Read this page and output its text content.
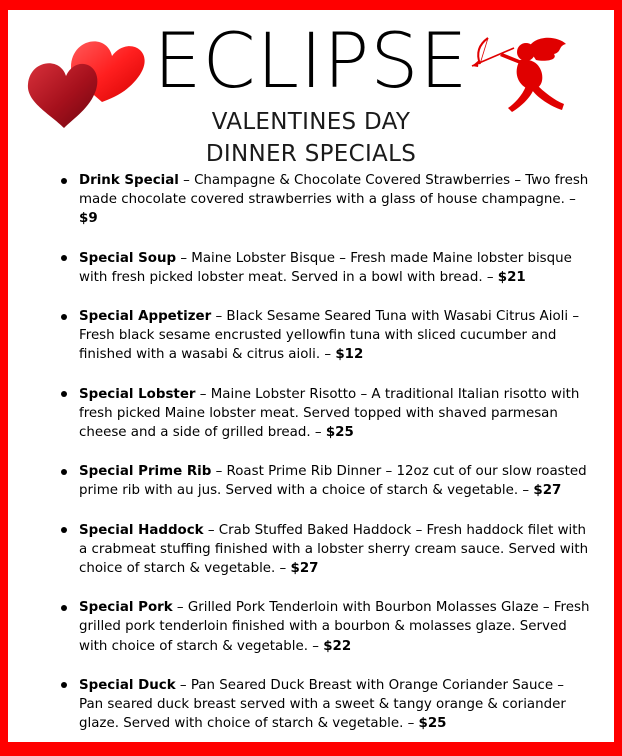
ECLIPSE
VALENTINES DAY
DINNER SPECIALS
Drink Special – Champagne & Chocolate Covered Strawberries – Two fresh made chocolate covered strawberries with a glass of house champagne. –$9
Special Soup – Maine Lobster Bisque – Fresh made Maine lobster bisque with fresh picked lobster meat. Served in a bowl with bread. – $21
Special Appetizer – Black Sesame Seared Tuna with Wasabi Citrus Aioli – Fresh black sesame encrusted yellowfin tuna with sliced cucumber and finished with a wasabi & citrus aioli. – $12
Special Lobster – Maine Lobster Risotto – A traditional Italian risotto with fresh picked Maine lobster meat. Served topped with shaved parmesan cheese and a side of grilled bread. – $25
Special Prime Rib – Roast Prime Rib Dinner – 12oz cut of our slow roasted prime rib with au jus. Served with a choice of starch & vegetable. – $27
Special Haddock – Crab Stuffed Baked Haddock – Fresh haddock filet with a crabmeat stuffing finished with a lobster sherry cream sauce. Served with choice of starch & vegetable. – $27
Special Pork – Grilled Pork Tenderloin with Bourbon Molasses Glaze – Fresh grilled pork tenderloin finished with a bourbon & molasses glaze. Served with choice of starch & vegetable. – $22
Special Duck – Pan Seared Duck Breast with Orange Coriander Sauce – Pan seared duck breast served with a sweet & tangy orange & coriander glaze. Served with choice of starch & vegetable. – $25
